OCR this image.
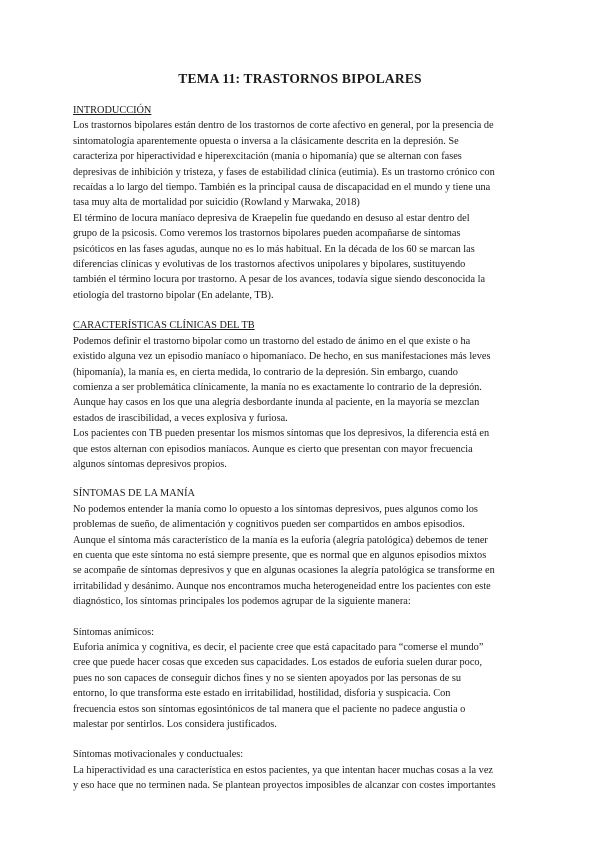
TEMA 11: TRASTORNOS BIPOLARES
INTRODUCCIÓN

Los trastornos bipolares están dentro de los trastornos de corte afectivo en general, por la presencia de
sintomatología aparentemente opuesta o inversa a la clásicamente descrita en la depresión. Se
caracteriza por hiperactividad e hiperexcitación (manía o hipomanía) que se alternan con fases
depresivas de inhibición y tristeza, y fases de estabilidad clínica (eutimia). Es un trastorno crónico con
recaídas a lo largo del tiempo. También es la principal causa de discapacidad en el mundo y tiene una
tasa muy alta de mortalidad por suicidio (Rowland y Marwaka, 2018)

El término de locura maníaco depresiva de Kraepelin fue quedando en desuso al estar dentro del
grupo de la psicosis. Como veremos los trastornos bipolares pueden acompañarse de síntomas
psicóticos en las fases agudas, aunque no es lo más habitual. En la década de los 60 se marcan las
diferencias clínicas y evolutivas de los trastornos afectivos unipolares y bipolares, sustituyendo
también el término locura por trastorno. A pesar de los avances, todavía sigue siendo desconocida la
etiología del trastorno bipolar (En adelante, TB).

CARACTERÍSTICAS CLÍNICAS DEL TB

Podemos definir el trastorno bipolar como un trastorno del estado de ánimo en el que existe o ha
existido alguna vez un episodio maníaco o hipomaníaco. De hecho, en sus manifestaciones más leves
(hipomanía), la manía es, en cierta medida, lo contrario de la depresión. Sin embargo, cuando
comienza a ser problemática clínicamente, la manía no es exactamente lo contrario de la depresión.
Aunque hay casos en los que una alegría desbordante inunda al paciente, en la mayoría se mezclan
estados de irascibilidad, a veces explosiva y furiosa.

Los pacientes con TB pueden presentar los mismos síntomas que los depresivos, la diferencia está en
que estos alternan con episodios maníacos. Aunque es cierto que presentan con mayor frecuencia
algunos síntomas depresivos propios.

SÍNTOMAS DE LA MANÍA

No podemos entender la manía como lo opuesto a los síntomas depresivos, pues algunos como los
problemas de sueño, de alimentación y cognitivos pueden ser compartidos en ambos episodios.
Aunque el síntoma más característico de la manía es la euforia (alegría patológica) debemos de tener
en cuenta que este síntoma no está siempre presente, que es normal que en algunos episodios mixtos
se acompañe de síntomas depresivos y que en algunas ocasiones la alegría patológica se transforme en
irritabilidad y desánimo. Aunque nos encontramos mucha heterogeneidad entre los pacientes con este
diagnóstico, los síntomas principales los podemos agrupar de la siguiente manera:

Síntomas anímicos:

Euforia anímica y cognitiva, es decir, el paciente cree que está capacitado para “comerse el mundo”
cree que puede hacer cosas que exceden sus capacidades. Los estados de euforia suelen durar poco,
pues no son capaces de conseguir dichos fines y no se sienten apoyados por las personas de su
entorno, lo que transforma este estado en irritabilidad, hostilidad, disforia y suspicacia. Con
frecuencia estos son síntomas egosintónicos de tal manera que el paciente no padece angustia o
malestar por sentirlos. Los considera justificados.

Síntomas motivacionales y conductuales:

La hiperactividad es una característica en estos pacientes, ya que intentan hacer muchas cosas a la vez
y eso hace que no terminen nada. Se plantean proyectos imposibles de alcanzar con costes importantes
